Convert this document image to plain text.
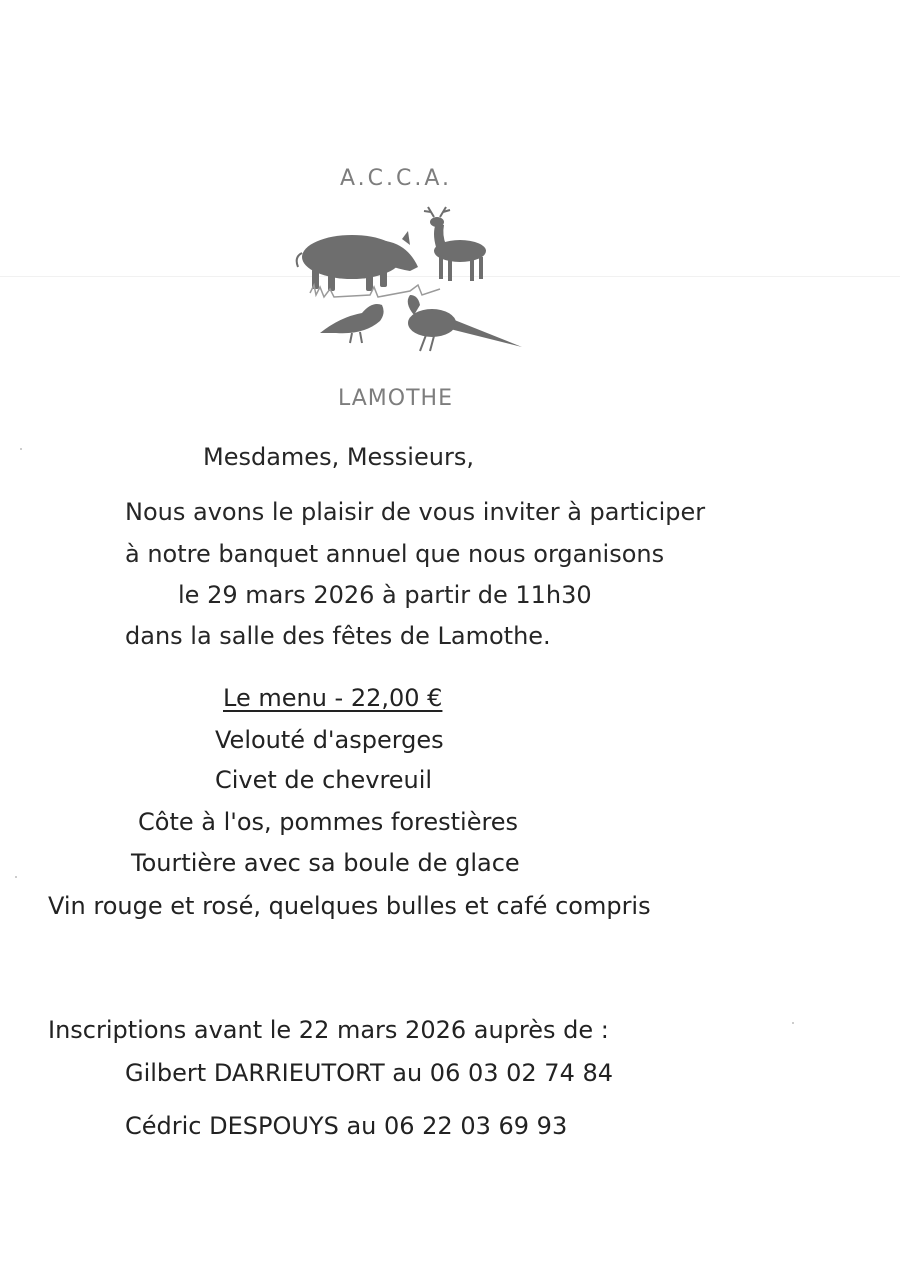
A.C.C.A.

LAMOTHE

Mesdames, Messieurs,

Nous avons le plaisir de vous inviter à participer

à notre banquet annuel que nous organisons

le 29 mars 2026 à partir de 11h30

dans la salle des fêtes de Lamothe.

Le menu - 22,00 €

Velouté d'asperges

Civet de chevreuil

Côte à l'os, pommes forestières

Tourtière avec sa boule de glace

Vin rouge et rosé, quelques bulles et café compris

Inscriptions avant le 22 mars 2026 auprès de :

Gilbert DARRIEUTORT au 06 03 02 74 84

Cédric DESPOUYS au 06 22 03 69 93
